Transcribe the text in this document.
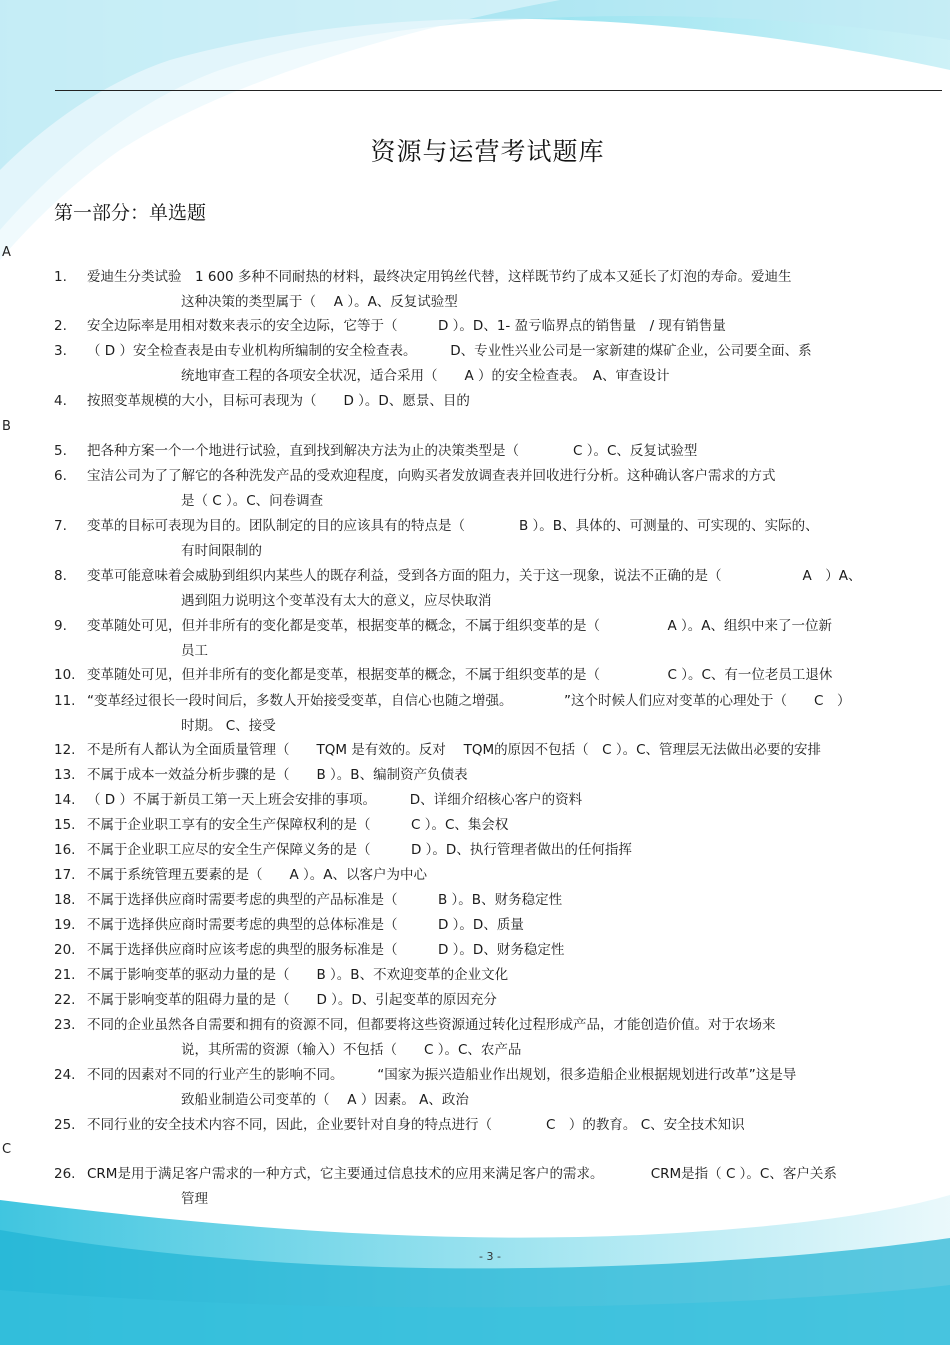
资源与运营考试题库
第一部分：单选题
A
B
C
1. 爱迪生分类试验　1 600 多种不同耐热的材料，最终决定用钨丝代替，这样既节约了成本又延长了灯泡的寿命。爱迪生
这种决策的类型属于（　 A ）。A、反复试验型
2. 安全边际率是用相对数来表示的安全边际，它等于（　　　D ）。D、1- 盈亏临界点的销售量　/ 现有销售量
3. （ D ）安全检查表是由专业机构所编制的安全检查表。　　　D、专业性兴业公司是一家新建的煤矿企业，公司要全面、系
统地审查工程的各项安全状况，适合采用（　　A ）的安全检查表。　A、审查设计
4. 按照变革规模的大小，目标可表现为（　　D ）。D、愿景、目的
5. 把各种方案一个一个地进行试验，直到找到解决方法为止的决策类型是（　　　　C ）。C、反复试验型
6. 宝洁公司为了了解它的各种洗发产品的受欢迎程度，向购买者发放调查表并回收进行分析。这种确认客户需求的方式
是（ C ）。C、问卷调查
7. 变革的目标可表现为目的。团队制定的目的应该具有的特点是（　　　　B ）。B、具体的、可测量的、可实现的、实际的、
有时间限制的
8. 变革可能意味着会威胁到组织内某些人的既存利益，受到各方面的阻力，关于这一现象，说法不正确的是（　　　　　　A　）A、
遇到阻力说明这个变革没有太大的意义，应尽快取消
9. 变革随处可见，但并非所有的变化都是变革，根据变革的概念，不属于组织变革的是（　　　　　A ）。A、组织中来了一位新
员工
10. 变革随处可见，但并非所有的变化都是变革，根据变革的概念，不属于组织变革的是（　　　　　C ）。C、有一位老员工退休
11. “变革经过很长一段时间后，多数人开始接受变革，自信心也随之增强。　　　　 ”这个时候人们应对变革的心理处于（　　C　）
时期。 C、接受
12. 不是所有人都认为全面质量管理（　　TQM 是有效的。反对　 TQM的原因不包括（　C ）。C、管理层无法做出必要的安排
13. 不属于成本一效益分析步骤的是（　　B ）。B、编制资产负债表
14. （ D ）不属于新员工第一天上班会安排的事项。　　　D、详细介绍核心客户的资料
15. 不属于企业职工享有的安全生产保障权利的是（　　　C ）。C、集会权
16. 不属于企业职工应尽的安全生产保障义务的是（　　　D ）。D、执行管理者做出的任何指挥
17. 不属于系统管理五要素的是（　　A ）。A、以客户为中心
18. 不属于选择供应商时需要考虑的典型的产品标准是（　　　B ）。B、财务稳定性
19. 不属于选择供应商时需要考虑的典型的总体标准是（　　　D ）。D、质量
20. 不属于选择供应商时应该考虑的典型的服务标准是（　　　D ）。D、财务稳定性
21. 不属于影响变革的驱动力量的是（　　B ）。B、不欢迎变革的企业文化
22. 不属于影响变革的阻碍力量的是（　　D ）。D、引起变革的原因充分
23. 不同的企业虽然各自需要和拥有的资源不同，但都要将这些资源通过转化过程形成产品，才能创造价值。对于农场来
说，其所需的资源（输入）不包括（　　C ）。C、农产品
24. 不同的因素对不同的行业产生的影响不同。　　　“国家为振兴造船业作出规划，很多造船企业根据规划进行改革”这是导
致船业制造公司变革的（　 A ）因素。 A、政治
25. 不同行业的安全技术内容不同，因此，企业要针对自身的特点进行（　　　　C　）的教育。 C、安全技术知识
26. CRM是用于满足客户需求的一种方式，它主要通过信息技术的应用来满足客户的需求。　　　　CRM是指（ C ）。C、客户关系
管理
- 3 -
